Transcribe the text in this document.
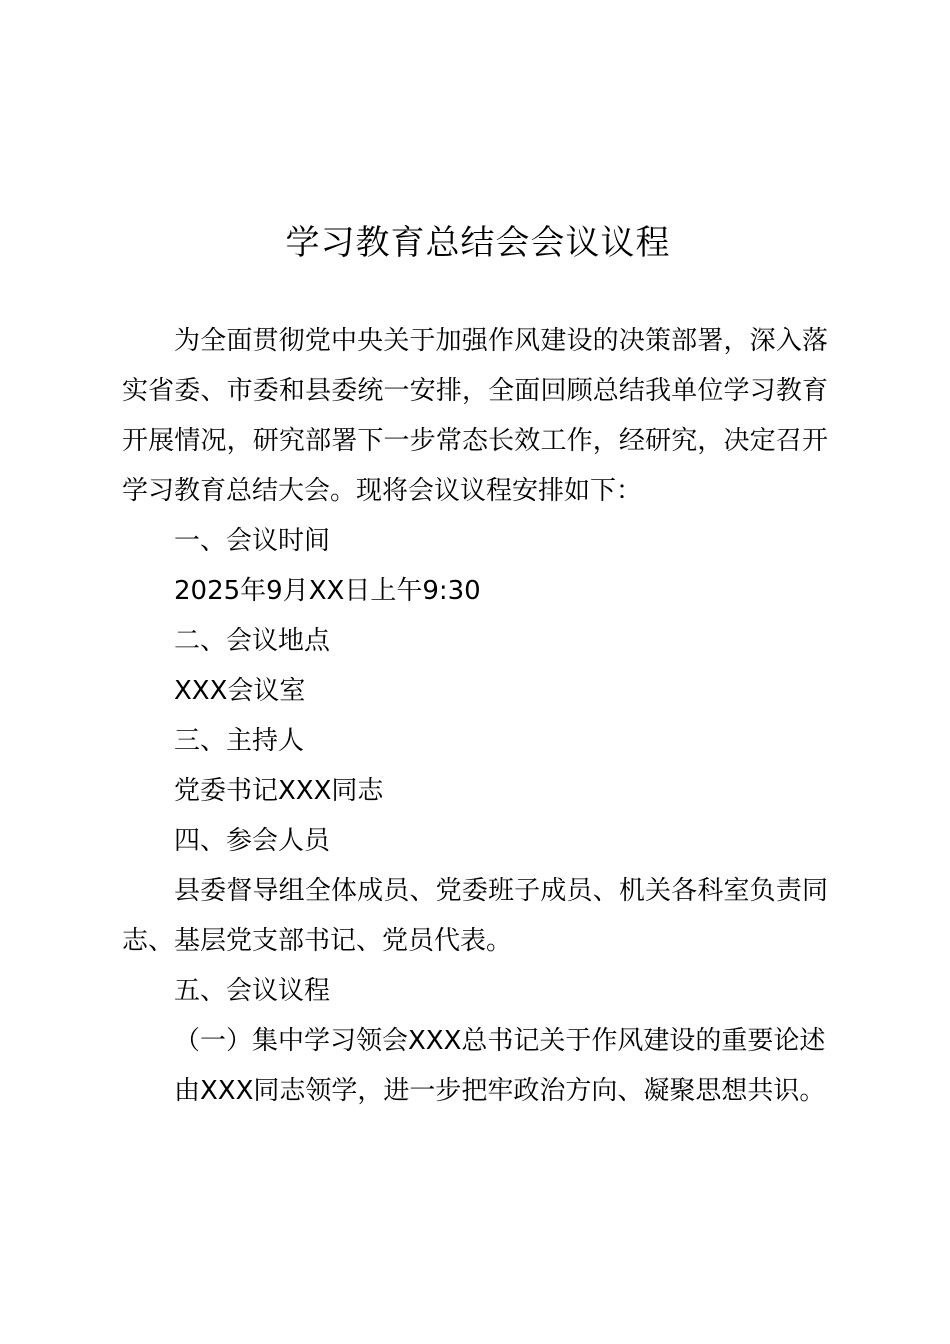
学习教育总结会会议议程

为全面贯彻党中央关于加强作风建设的决策部署，深入落实省委、市委和县委统一安排，全面回顾总结我单位学习教育开展情况，研究部署下一步常态长效工作，经研究，决定召开学习教育总结大会。现将会议议程安排如下：

一、会议时间

2025年9月XX日上午9:30

二、会议地点

XXX会议室

三、主持人

党委书记XXX同志

四、参会人员

县委督导组全体成员、党委班子成员、机关各科室负责同志、基层党支部书记、党员代表。

五、会议议程

（一）集中学习领会XXX总书记关于作风建设的重要论述

由XXX同志领学，进一步把牢政治方向、凝聚思想共识。
